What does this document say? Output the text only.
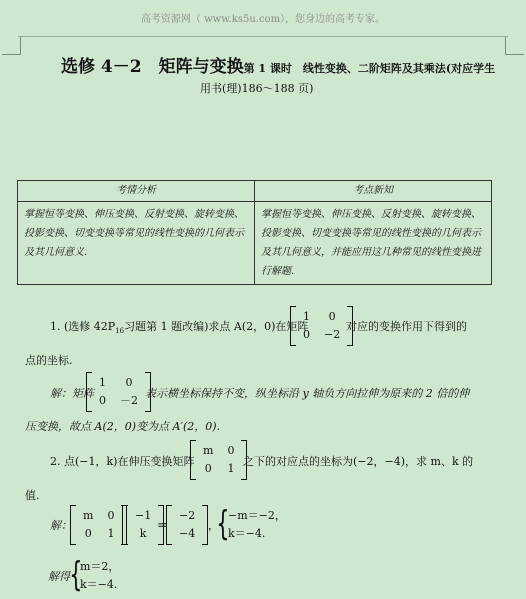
高考资源网（ www.ks5u.com），您身边的高考专家。
选修 4－2　矩阵与变换第 1 课时　线性变换、二阶矩阵及其乘法(对应学生
用书(理)186～188 页)
考情分析	考点新知
掌握恒等变换、伸压变换、反射变换、旋转变换、投影变换、切变变换等常见的线性变换的几何表示及其几何意义.	掌握恒等变换、伸压变换、反射变换、旋转变换、投影变换、切变变换等常见的线性变换的几何表示及其几何意义，并能应用这几种常见的线性变换进行解题.
1. (选修 $42P_{16}$习题第 1 题改编)求点 A(2，0)在矩阵
1	0
0	−2
对应的变换作用下得到的
点的坐标.
解：矩阵
1	0
0	－2
表示横坐标保持不变，纵坐标沿 y 轴负方向拉伸为原来的 2 倍的伸
压变换，故点 A(2，0)变为点 A′(2，0).
2. 点(−1，k)在伸压变换矩阵
m	0
0	1
之下的对应点的坐标为(−2，−4)，求 m、k 的
值.
解：
m	0
0	1
−1
k
＝
−2
−4
，
{
−m＝−2，
k＝−4.
解得 {
m＝2，
k＝−4.
